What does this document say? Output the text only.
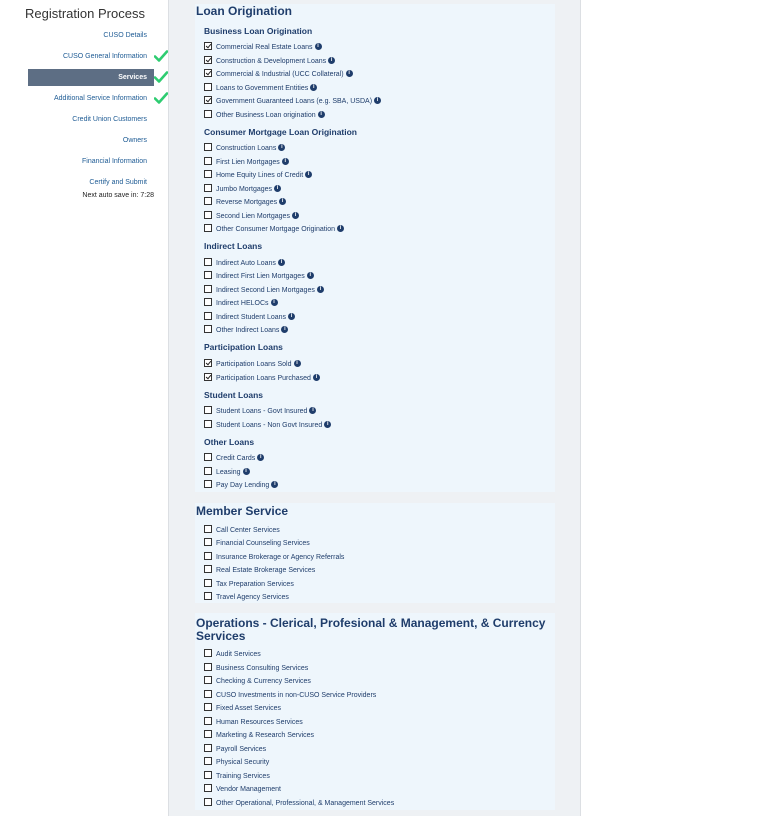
Registration Process
CUSO Details
CUSO General Information
Services
Additional Service Information
Credit Union Customers
Owners
Financial Information
Certify and Submit
Next auto save in: 7:28
Loan Origination
Business Loan Origination
Commercial Real Estate Loans i
Construction & Development Loans i
Commercial & Industrial (UCC Collateral) i
Loans to Government Entities i
Government Guaranteed Loans (e.g. SBA, USDA) i
Other Business Loan origination i
Consumer Mortgage Loan Origination
Construction Loans i
First Lien Mortgages i
Home Equity Lines of Credit i
Jumbo Mortgages i
Reverse Mortgages i
Second Lien Mortgages i
Other Consumer Mortgage Origination i
Indirect Loans
Indirect Auto Loans i
Indirect First Lien Mortgages i
Indirect Second Lien Mortgages i
Indirect HELOCs i
Indirect Student Loans i
Other Indirect Loans i
Participation Loans
Participation Loans Sold i
Participation Loans Purchased i
Student Loans
Student Loans - Govt Insured i
Student Loans - Non Govt Insured i
Other Loans
Credit Cards i
Leasing i
Pay Day Lending i
Member Service
Call Center Services
Financial Counseling Services
Insurance Brokerage or Agency Referrals
Real Estate Brokerage Services
Tax Preparation Services
Travel Agency Services
Operations - Clerical, Profesional & Management, & Currency Services
Audit Services
Business Consulting Services
Checking & Currency Services
CUSO Investments in non-CUSO Service Providers
Fixed Asset Services
Human Resources Services
Marketing & Research Services
Payroll Services
Physical Security
Training Services
Vendor Management
Other Operational, Professional, & Management Services
